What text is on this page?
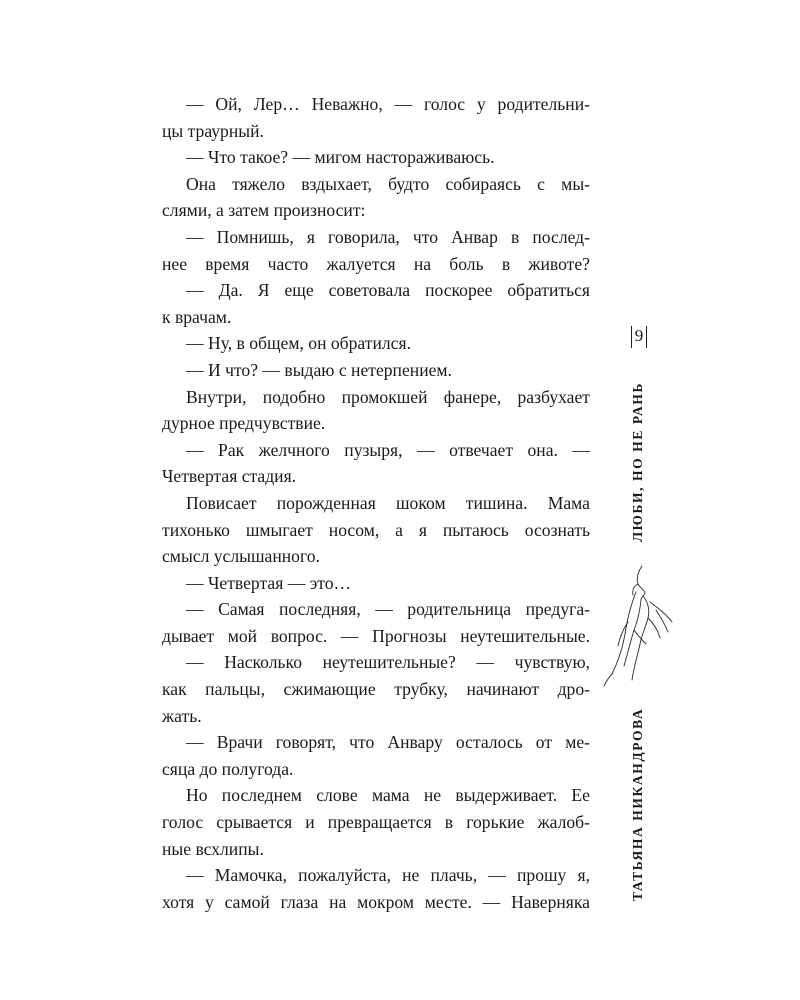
— Ой, Лер… Неважно, — голос у родительни-
цы траурный.
— Что такое? — мигом настораживаюсь.
Она тяжело вздыхает, будто собираясь с мы-
слями, а затем произносит:
— Помнишь, я говорила, что Анвар в послед-
нее время часто жалуется на боль в животе?
— Да. Я еще советовала поскорее обратиться
к врачам.
— Ну, в общем, он обратился.
— И что? — выдаю с нетерпением.
Внутри, подобно промокшей фанере, разбухает
дурное предчувствие.
— Рак желчного пузыря, — отвечает она. —
Четвертая стадия.
Повисает порожденная шоком тишина. Мама
тихонько шмыгает носом, а я пытаюсь осознать
смысл услышанного.
— Четвертая — это…
— Самая последняя, — родительница предуга-
дывает мой вопрос. — Прогнозы неутешительные.
— Насколько неутешительные? — чувствую,
как пальцы, сжимающие трубку, начинают дро-
жать.
— Врачи говорят, что Анвару осталось от ме-
сяца до полугода.
Но последнем слове мама не выдерживает. Ее
голос срывается и превращается в горькие жалоб-
ные всхлипы.
— Мамочка, пожалуйста, не плачь, — прошу я,
хотя у самой глаза на мокром месте. — Наверняка
9
ЛЮБИ, НО НЕ РАНЬ
ТАТЬЯНА НИКАНДРОВА
